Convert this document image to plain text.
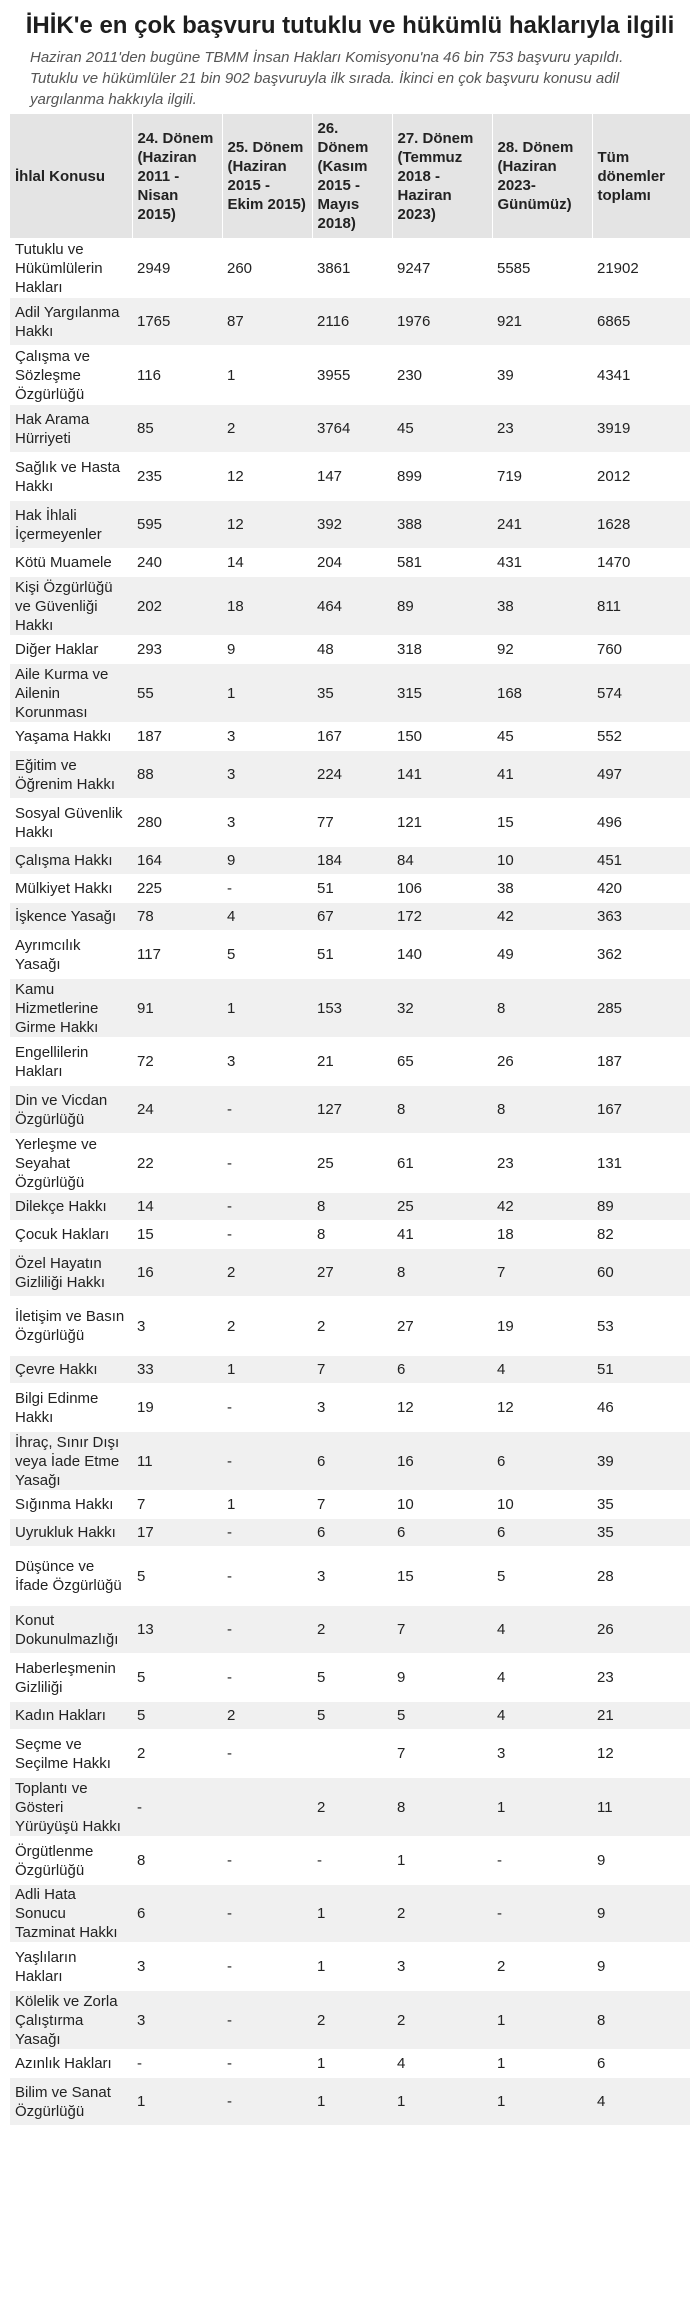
İHİK'e en çok başvuru tutuklu ve hükümlü haklarıyla ilgili

Haziran 2011'den bugüne TBMM İnsan Hakları Komisyonu'na 46 bin 753 başvuru yapıldı. Tutuklu ve hükümlüler 21 bin 902 başvuruyla ilk sırada. İkinci en çok başvuru konusu adil yargılanma hakkıyla ilgili.

İhlal Konusu	24. Dönem (Haziran 2011 - Nisan 2015)	25. Dönem (Haziran 2015 - Ekim 2015)	26. Dönem (Kasım 2015 - Mayıs 2018)	27. Dönem (Temmuz 2018 - Haziran 2023)	28. Dönem (Haziran 2023- Günümüz)	Tüm dönemler toplamı
Tutuklu ve Hükümlülerin Hakları	2949	260	3861	9247	5585	21902
Adil Yargılanma Hakkı	1765	87	2116	1976	921	6865
Çalışma ve Sözleşme Özgürlüğü	116	1	3955	230	39	4341
Hak Arama Hürriyeti	85	2	3764	45	23	3919
Sağlık ve Hasta Hakkı	235	12	147	899	719	2012
Hak İhlali İçermeyenler	595	12	392	388	241	1628
Kötü Muamele	240	14	204	581	431	1470
Kişi Özgürlüğü ve Güvenliği Hakkı	202	18	464	89	38	811
Diğer Haklar	293	9	48	318	92	760
Aile Kurma ve Ailenin Korunması	55	1	35	315	168	574
Yaşama Hakkı	187	3	167	150	45	552
Eğitim ve Öğrenim Hakkı	88	3	224	141	41	497
Sosyal Güvenlik Hakkı	280	3	77	121	15	496
Çalışma Hakkı	164	9	184	84	10	451
Mülkiyet Hakkı	225	-	51	106	38	420
İşkence Yasağı	78	4	67	172	42	363
Ayrımcılık Yasağı	117	5	51	140	49	362
Kamu Hizmetlerine Girme Hakkı	91	1	153	32	8	285
Engellilerin Hakları	72	3	21	65	26	187
Din ve Vicdan Özgürlüğü	24	-	127	8	8	167
Yerleşme ve Seyahat Özgürlüğü	22	-	25	61	23	131
Dilekçe Hakkı	14	-	8	25	42	89
Çocuk Hakları	15	-	8	41	18	82
Özel Hayatın Gizliliği Hakkı	16	2	27	8	7	60
İletişim ve Basın Özgürlüğü	3	2	2	27	19	53
Çevre Hakkı	33	1	7	6	4	51
Bilgi Edinme Hakkı	19	-	3	12	12	46
İhraç, Sınır Dışı veya İade Etme Yasağı	11	-	6	16	6	39
Sığınma Hakkı	7	1	7	10	10	35
Uyrukluk Hakkı	17	-	6	6	6	35
Düşünce ve İfade Özgürlüğü	5	-	3	15	5	28
Konut Dokunulmazlığı	13	-	2	7	4	26
Haberleşmenin Gizliliği	5	-	5	9	4	23
Kadın Hakları	5	2	5	5	4	21
Seçme ve Seçilme Hakkı	2	-		7	3	12
Toplantı ve Gösteri Yürüyüşü Hakkı	-		2	8	1	11
Örgütlenme Özgürlüğü	8	-	-	1	-	9
Adli Hata Sonucu Tazminat Hakkı	6	-	1	2	-	9
Yaşlıların Hakları	3	-	1	3	2	9
Kölelik ve Zorla Çalıştırma Yasağı	3	-	2	2	1	8
Azınlık Hakları	-	-	1	4	1	6
Bilim ve Sanat Özgürlüğü	1	-	1	1	1	4
